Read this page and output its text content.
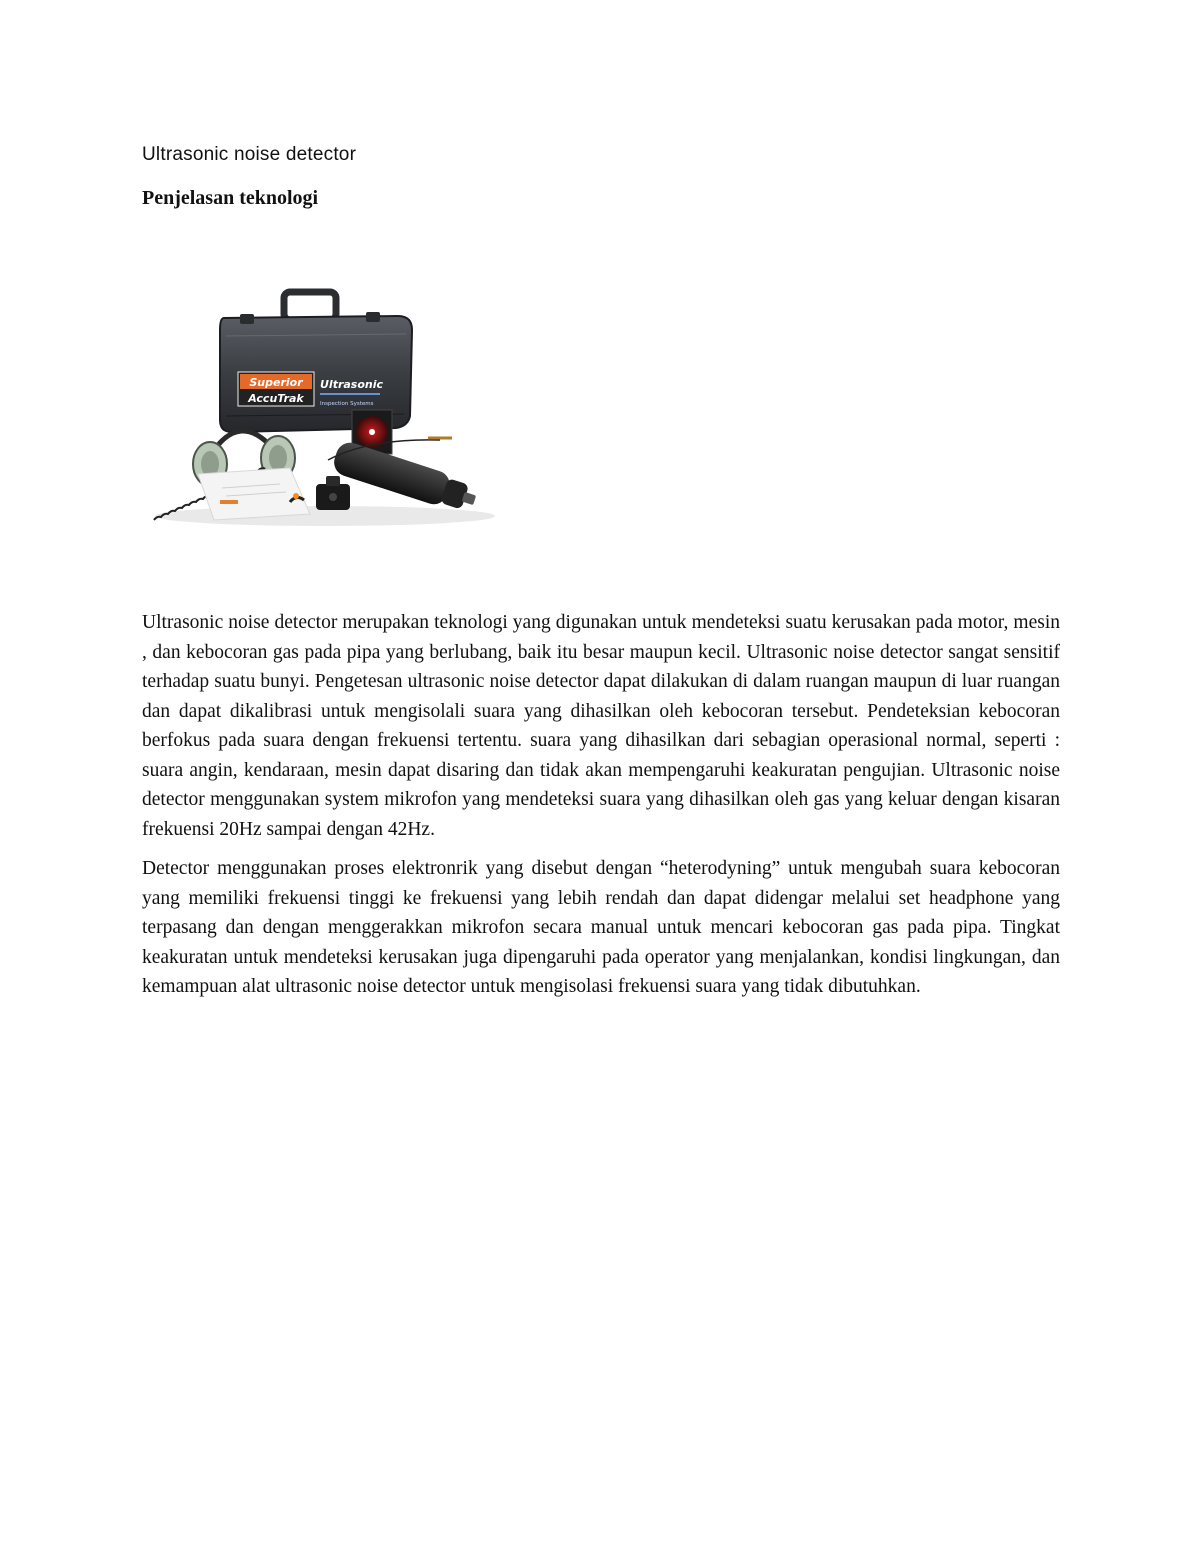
Ultrasonic noise detector
Penjelasan teknologi
Superior
AccuTrak
Ultrasonic
Inspection Systems

Ultrasonic noise detector merupakan teknologi yang digunakan untuk mendeteksi suatu kerusakan pada motor, mesin , dan kebocoran gas pada pipa yang berlubang, baik itu besar maupun kecil. Ultrasonic noise detector sangat sensitif terhadap suatu bunyi. Pengetesan ultrasonic noise detector dapat dilakukan di dalam ruangan maupun di luar ruangan dan dapat dikalibrasi untuk mengisolali suara yang dihasilkan oleh kebocoran tersebut. Pendeteksian kebocoran berfokus pada suara dengan frekuensi tertentu. suara yang dihasilkan dari sebagian operasional normal, seperti : suara angin, kendaraan, mesin dapat disaring dan tidak akan mempengaruhi keakuratan pengujian. Ultrasonic noise detector menggunakan system mikrofon yang mendeteksi suara yang dihasilkan oleh gas yang keluar dengan kisaran frekuensi 20Hz sampai dengan 42Hz.

Detector menggunakan proses elektronrik yang disebut dengan “heterodyning” untuk mengubah suara kebocoran yang memiliki frekuensi tinggi ke frekuensi yang lebih rendah dan dapat didengar melalui set headphone yang terpasang dan dengan menggerakkan mikrofon secara manual untuk mencari kebocoran gas pada pipa. Tingkat keakuratan untuk mendeteksi kerusakan juga dipengaruhi pada operator yang menjalankan, kondisi lingkungan, dan kemampuan alat ultrasonic noise detector untuk mengisolasi frekuensi suara yang tidak dibutuhkan.
